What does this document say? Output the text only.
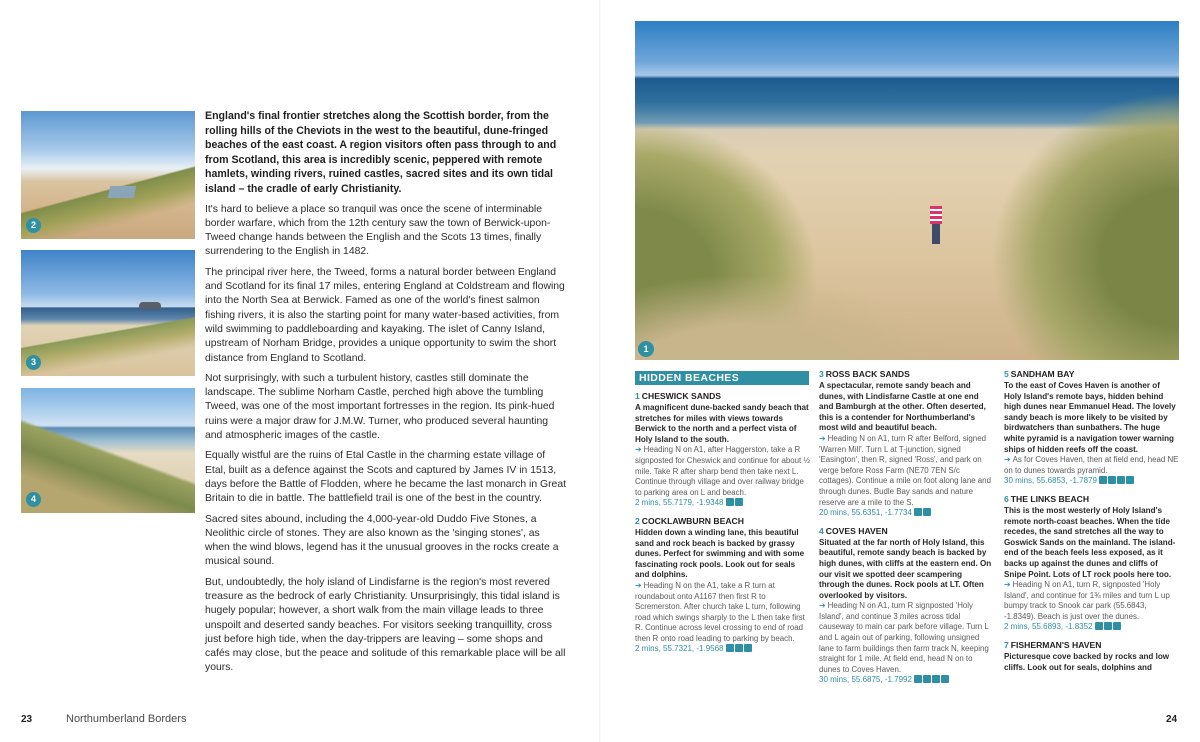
2
3
4

England's final frontier stretches along the Scottish border, from the rolling hills of the Cheviots in the west to the beautiful, dune-fringed beaches of the east coast. A region visitors often pass through to and from Scotland, this area is incredibly scenic, peppered with remote hamlets, winding rivers, ruined castles, sacred sites and its own tidal island – the cradle of early Christianity.

It's hard to believe a place so tranquil was once the scene of interminable border warfare, which from the 12th century saw the town of Berwick-upon-Tweed change hands between the English and the Scots 13 times, finally surrendering to the English in 1482.

The principal river here, the Tweed, forms a natural border between England and Scotland for its final 17 miles, entering England at Coldstream and flowing into the North Sea at Berwick. Famed as one of the world's finest salmon fishing rivers, it is also the starting point for many water-based activities, from wild swimming to paddleboarding and kayaking. The islet of Canny Island, upstream of Norham Bridge, provides a unique opportunity to swim the short distance from England to Scotland.

Not surprisingly, with such a turbulent history, castles still dominate the landscape. The sublime Norham Castle, perched high above the tumbling Tweed, was one of the most important fortresses in the region. Its pink-hued ruins were a major draw for J.M.W. Turner, who produced several haunting and atmospheric images of the castle.

Equally wistful are the ruins of Etal Castle in the charming estate village of Etal, built as a defence against the Scots and captured by James IV in 1513, days before the Battle of Flodden, where he became the last monarch in Great Britain to die in battle. The battlefield trail is one of the best in the country.

Sacred sites abound, including the 4,000-year-old Duddo Five Stones, a Neolithic circle of stones. They are also known as the 'singing stones', as when the wind blows, legend has it the unusual grooves in the rocks create a musical sound.

But, undoubtedly, the holy island of Lindisfarne is the region's most revered treasure as the bedrock of early Christianity. Unsurprisingly, this tidal island is hugely popular; however, a short walk from the main village leads to three unspoilt and deserted sandy beaches. For visitors seeking tranquillity, cross just before high tide, when the day-trippers are leaving – some shops and cafés may close, but the peace and solitude of this remarkable place will be all yours.

23	Northumberland Borders
1
HIDDEN BEACHES
1 CHESWICK SANDS
A magnificent dune-backed sandy beach that stretches for miles with views towards Berwick to the north and a perfect vista of Holy Island to the south.
➔ Heading N on A1, after Haggerston, take a R signposted for Cheswick and continue for about ½ mile. Take R after sharp bend then take next L. Continue through village and over railway bridge to parking area on L and beach.
2 mins, 55.7179, -1.9348
2 COCKLAWBURN BEACH
Hidden down a winding lane, this beautiful sand and rock beach is backed by grassy dunes. Perfect for swimming and with some fascinating rock pools. Look out for seals and dolphins.
➔ Heading N on the A1, take a R turn at roundabout onto A1167 then first R to Scremerston. After church take L turn, following road which swings sharply to the L then take first R. Continue across level crossing to end of road then R onto road leading to parking by beach.
2 mins, 55.7321, -1.9568
3 ROSS BACK SANDS
A spectacular, remote sandy beach and dunes, with Lindisfarne Castle at one end and Bamburgh at the other. Often deserted, this is a contender for Northumberland's most wild and beautiful beach.
➔ Heading N on A1, turn R after Belford, signed 'Warren Mill'. Turn L at T-junction, signed 'Easington', then R, signed 'Ross', and park on verge before Ross Farm (NE70 7EN S/c cottages). Continue a mile on foot along lane and through dunes. Budle Bay sands and nature reserve are a mile to the S.
20 mins, 55.6351, -1.7734
4 COVES HAVEN
Situated at the far north of Holy Island, this beautiful, remote sandy beach is backed by high dunes, with cliffs at the eastern end. On our visit we spotted deer scampering through the dunes. Rock pools at LT. Often overlooked by visitors.
➔ Heading N on A1, turn R signposted 'Holy Island', and continue 3 miles across tidal causeway to main car park before village. Turn L and L again out of parking, following unsigned lane to farm buildings then farm track N, keeping straight for 1 mile. At field end, head N on to dunes to Coves Haven.
30 mins, 55.6875, -1.7992
5 SANDHAM BAY
To the east of Coves Haven is another of Holy Island's remote bays, hidden behind high dunes near Emmanuel Head. The lovely sandy beach is more likely to be visited by birdwatchers than sunbathers. The huge white pyramid is a navigation tower warning ships of hidden reefs off the coast.
➔ As for Coves Haven, then at field end, head NE on to dunes towards pyramid.
30 mins, 55.6853, -1.7879
6 THE LINKS BEACH
This is the most westerly of Holy Island's remote north-coast beaches. When the tide recedes, the sand stretches all the way to Goswick Sands on the mainland. The island-end of the beach feels less exposed, as it backs up against the dunes and cliffs of Snipe Point. Lots of LT rock pools here too.
➔ Heading N on A1, turn R, signposted 'Holy Island', and continue for 1¾ miles and turn L up bumpy track to Snook car park (55.6843, -1.8349). Beach is just over the dunes.
2 mins, 55.6893, -1.8352
7 FISHERMAN'S HAVEN
Picturesque cove backed by rocks and low cliffs. Look out for seals, dolphins and
24
